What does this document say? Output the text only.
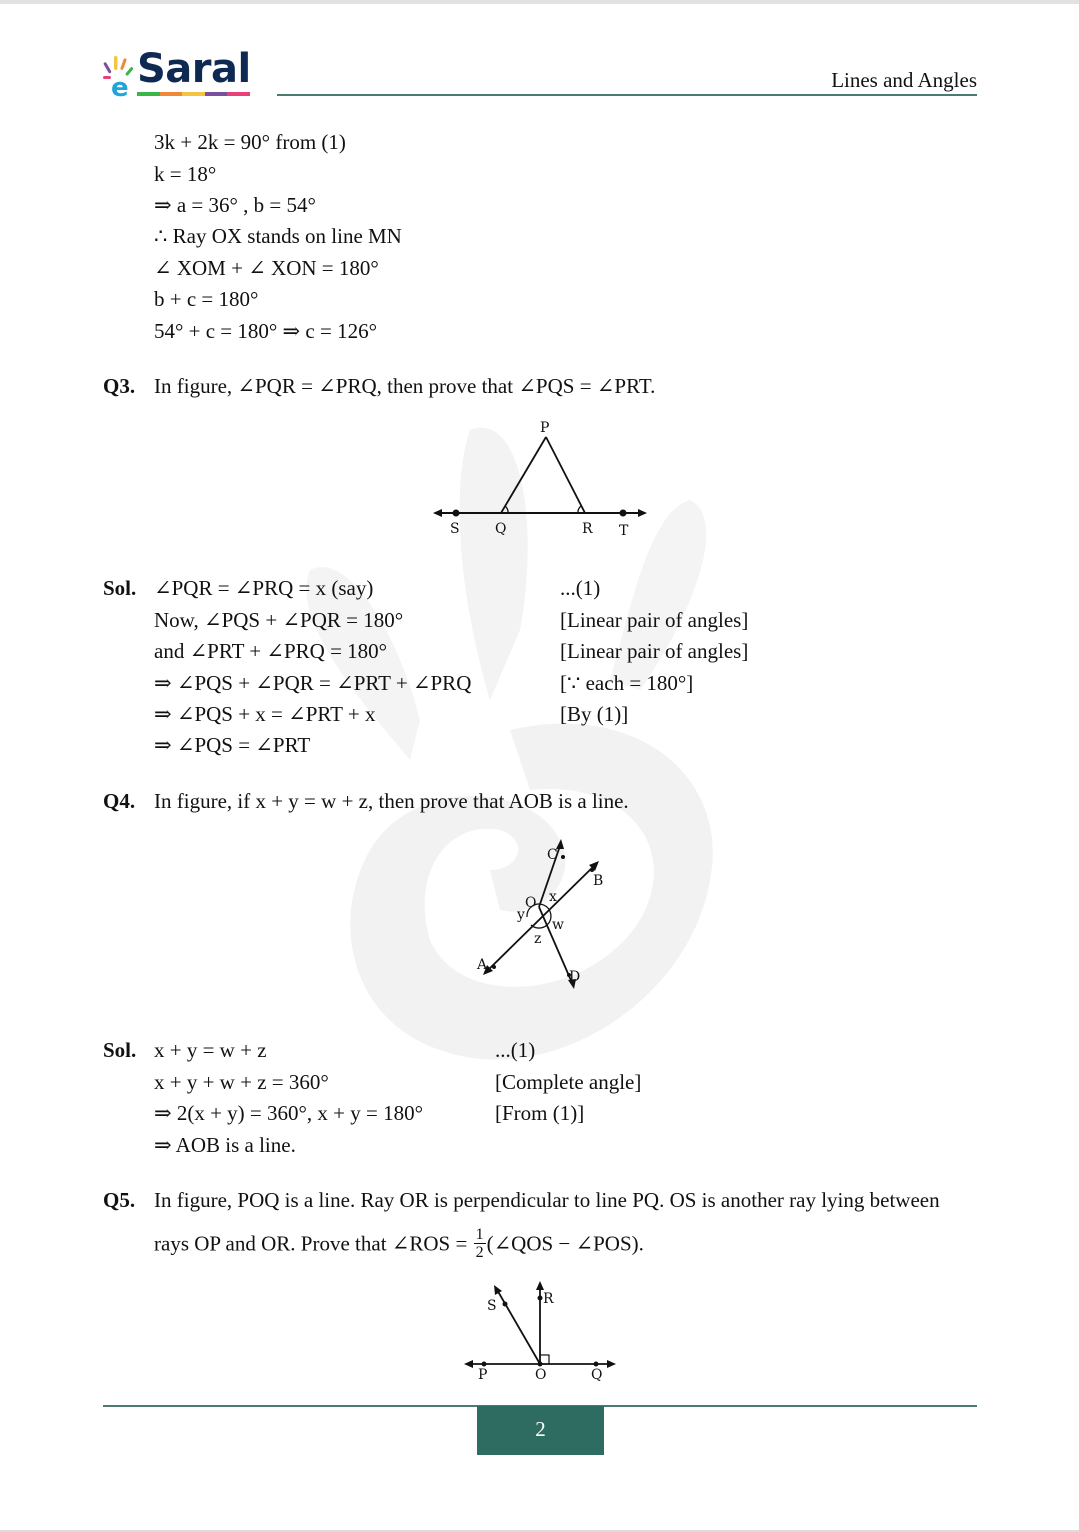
e Saral	Lines and Angles
3k + 2k = 90° from (1)
k = 18°
⇒ a = 36° , b = 54°
∴ Ray OX stands on line MN
∠ XOM + ∠ XON = 180°
b + c = 180°
54° + c = 180° ⇒ c = 126°
Q3. In figure, ∠PQR = ∠PRQ, then prove that ∠PQS = ∠PRT.
P
S	Q	R T
Sol. ∠PQR = ∠PRQ = x (say)	...(1)
Now, ∠PQS + ∠PQR = 180°	[Linear pair of angles]
and ∠PRT + ∠PRQ = 180°	[Linear pair of angles]
⇒ ∠PQS + ∠PQR = ∠PRT + ∠PRQ	[∵ each = 180°]
⇒ ∠PQS + x = ∠PRT + x	[By (1)]
⇒ ∠PQS = ∠PRT
Q4. In figure, if x + y = w + z, then prove that AOB is a line.
C
B
O
A
D
x
y
w
z
Sol. x + y = w + z	...(1)
x + y + w + z = 360°	[Complete angle]
⇒ 2(x + y) = 360°, x + y = 180°	[From (1)]
⇒ AOB is a line.
Q5. In figure, POQ is a line. Ray OR is perpendicular to line PQ. OS is another ray lying between
rays OP and OR. Prove that ∠ROS = $\frac{1}{2}$ (∠QOS − ∠POS).
S	R
P	O	Q
2
